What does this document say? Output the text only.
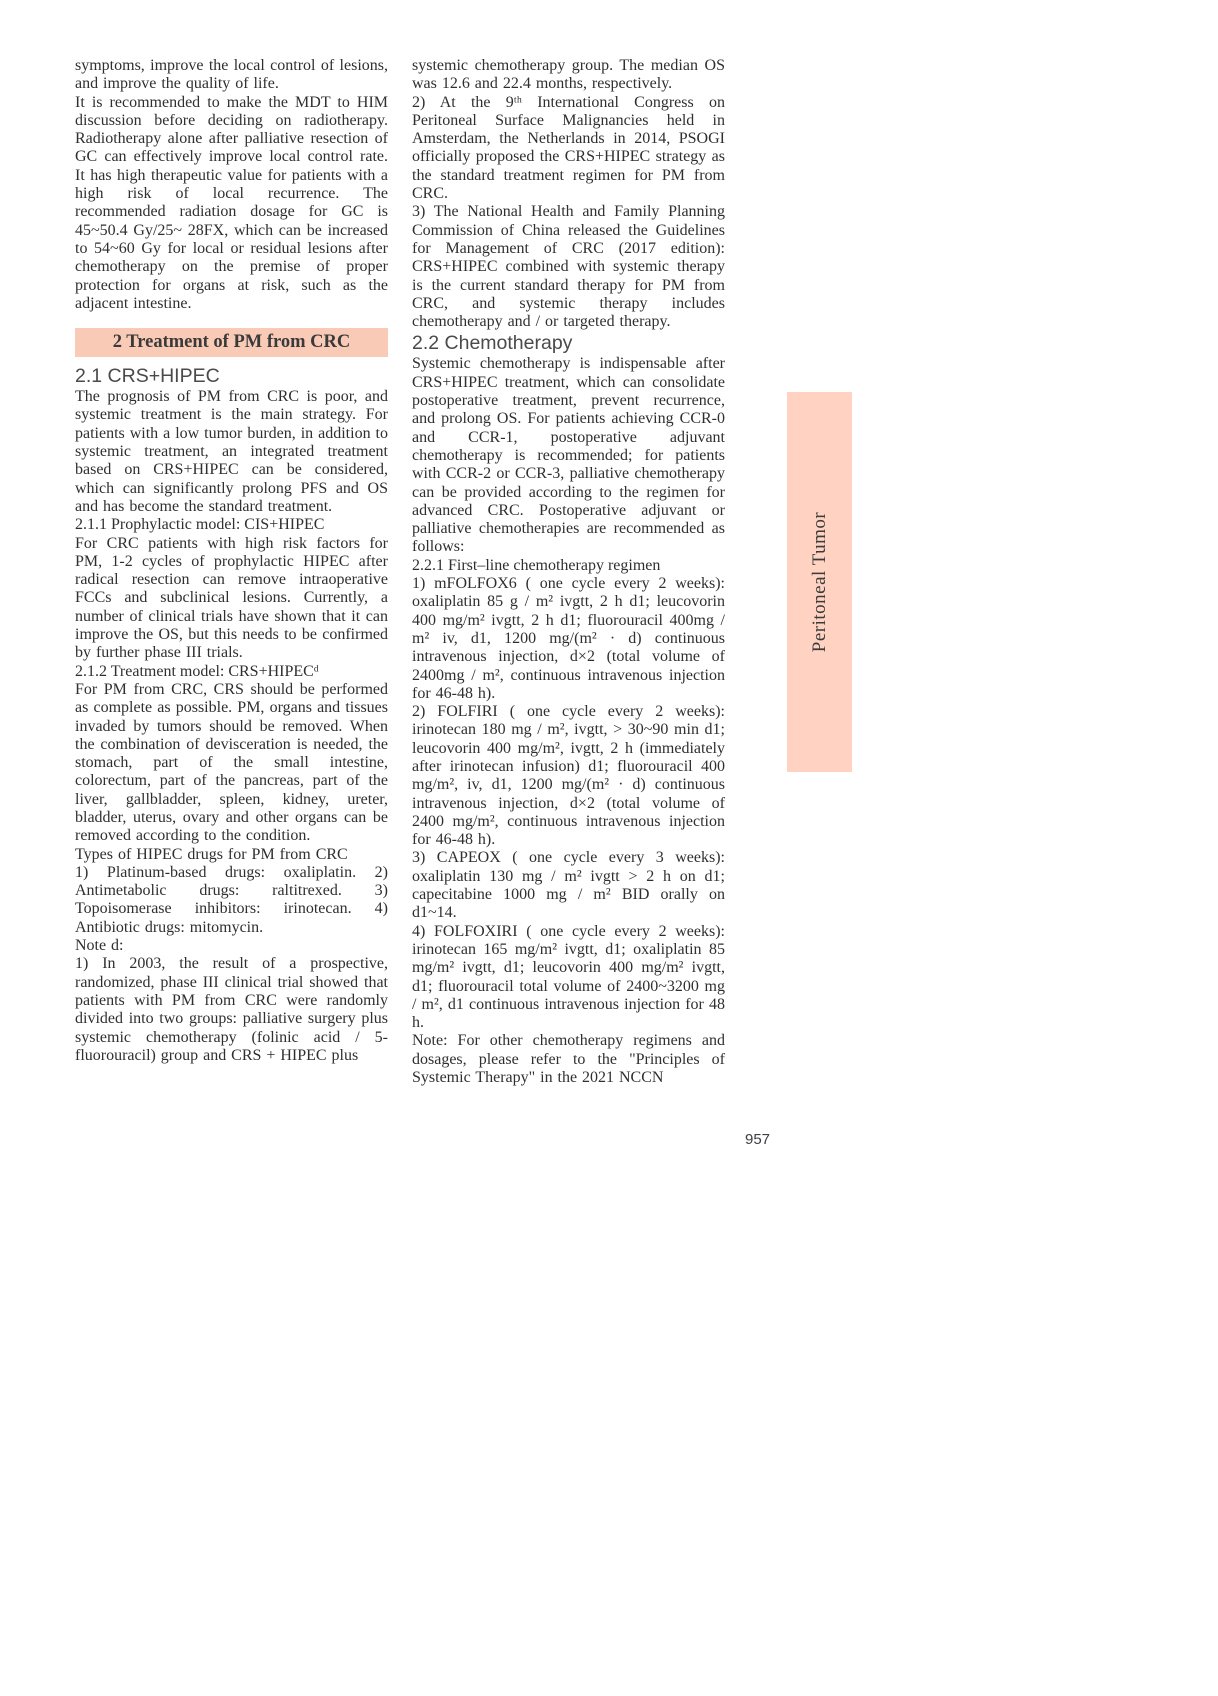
symptoms, improve the local control of lesions, and improve the quality of life.

It is recommended to make the MDT to HIM discussion before deciding on radiotherapy. Radiotherapy alone after palliative resection of GC can effectively improve local control rate. It has high therapeutic value for patients with a high risk of local recurrence. The recommended radiation dosage for GC is 45~50.4 Gy/25~ 28FX, which can be increased to 54~60 Gy for local or residual lesions after chemotherapy on the premise of proper protection for organs at risk, such as the adjacent intestine.

2 Treatment of PM from CRC
2.1 CRS+HIPEC

The prognosis of PM from CRC is poor, and systemic treatment is the main strategy. For patients with a low tumor burden, in addition to systemic treatment, an integrated treatment based on CRS+HIPEC can be considered, which can significantly prolong PFS and OS and has become the standard treatment.

2.1.1 Prophylactic model: CIS+HIPEC

For CRC patients with high risk factors for PM, 1-2 cycles of prophylactic HIPEC after radical resection can remove intraoperative FCCs and subclinical lesions. Currently, a number of clinical trials have shown that it can improve the OS, but this needs to be confirmed by further phase III trials.

2.1.2 Treatment model: CRS+HIPECᵈ

For PM from CRC, CRS should be performed as complete as possible. PM, organs and tissues invaded by tumors should be removed. When the combination of devisceration is needed, the stomach, part of the small intestine, colorectum, part of the pancreas, part of the liver, gallbladder, spleen, kidney, ureter, bladder, uterus, ovary and other organs can be removed according to the condition.

Types of HIPEC drugs for PM from CRC

1) Platinum-based drugs: oxaliplatin. 2) Antimetabolic drugs: raltitrexed. 3) Topoisomerase inhibitors: irinotecan. 4) Antibiotic drugs: mitomycin.

Note d:

1) In 2003, the result of a prospective, randomized, phase III clinical trial showed that patients with PM from CRC were randomly divided into two groups: palliative surgery plus systemic chemotherapy (folinic acid / 5-fluorouracil) group and CRS + HIPEC plus

systemic chemotherapy group. The median OS was 12.6 and 22.4 months, respectively.

2) At the 9ᵗʰ International Congress on Peritoneal Surface Malignancies held in Amsterdam, the Netherlands in 2014, PSOGI officially proposed the CRS+HIPEC strategy as the standard treatment regimen for PM from CRC.

3) The National Health and Family Planning Commission of China released the Guidelines for Management of CRC (2017 edition): CRS+HIPEC combined with systemic therapy is the current standard therapy for PM from CRC, and systemic therapy includes chemotherapy and / or targeted therapy.

2.2 Chemotherapy

Systemic chemotherapy is indispensable after CRS+HIPEC treatment, which can consolidate postoperative treatment, prevent recurrence, and prolong OS. For patients achieving CCR-0 and CCR-1, postoperative adjuvant chemotherapy is recommended; for patients with CCR-2 or CCR-3, palliative chemotherapy can be provided according to the regimen for advanced CRC. Postoperative adjuvant or palliative chemotherapies are recommended as follows:

2.2.1 First–line chemotherapy regimen

1) mFOLFOX6 ( one cycle every 2 weeks): oxaliplatin 85 g / m² ivgtt, 2 h d1; leucovorin 400 mg/m² ivgtt, 2 h d1; fluorouracil 400mg / m² iv, d1, 1200 mg/(m² · d) continuous intravenous injection, d×2 (total volume of 2400mg / m², continuous intravenous injection for 46-48 h).

2) FOLFIRI ( one cycle every 2 weeks): irinotecan 180 mg / m², ivgtt, > 30~90 min d1; leucovorin 400 mg/m², ivgtt, 2 h (immediately after irinotecan infusion) d1; fluorouracil 400 mg/m², iv, d1, 1200 mg/(m² · d) continuous intravenous injection, d×2 (total volume of 2400 mg/m², continuous intravenous injection for 46-48 h).

3) CAPEOX ( one cycle every 3 weeks): oxaliplatin 130 mg / m² ivgtt > 2 h on d1; capecitabine 1000 mg / m² BID orally on d1~14.

4) FOLFOXIRI ( one cycle every 2 weeks): irinotecan 165 mg/m² ivgtt, d1; oxaliplatin 85 mg/m² ivgtt, d1; leucovorin 400 mg/m² ivgtt, d1; fluorouracil total volume of 2400~3200 mg / m², d1 continuous intravenous injection for 48 h.

Note: For other chemotherapy regimens and dosages, please refer to the "Principles of Systemic Therapy" in the 2021 NCCN

Peritoneal Tumor
957
